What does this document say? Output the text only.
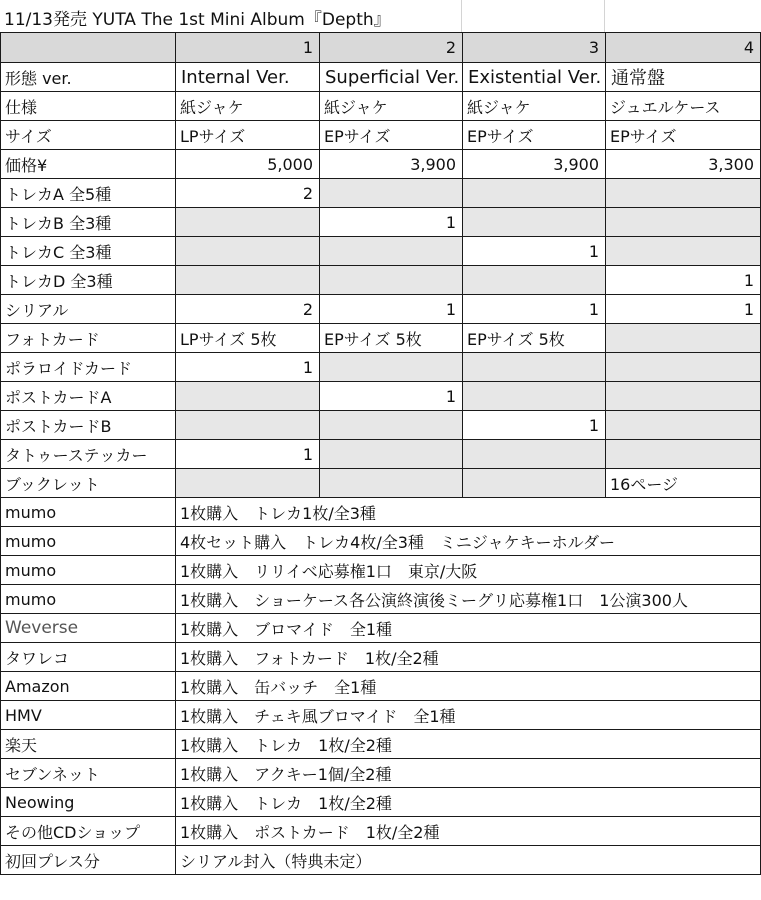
11/13発売 YUTA The 1st Mini Album『Depth』
	1	2	3	4
形態 ver.	Internal Ver.	Superficial Ver.	Existential Ver.	通常盤
仕様	紙ジャケ	紙ジャケ	紙ジャケ	ジュエルケース
サイズ	LPサイズ	EPサイズ	EPサイズ	EPサイズ
価格¥	5,000	3,900	3,900	3,300
トレカA 全5種	2			
トレカB 全3種		1		
トレカC 全3種			1	
トレカD 全3種				1
シリアル	2	1	1	1
フォトカード	LPサイズ 5枚	EPサイズ 5枚	EPサイズ 5枚	
ポラロイドカード	1			
ポストカードA		1		
ポストカードB			1	
タトゥーステッカー	1			
ブックレット				16ページ
mumo	1枚購入　トレカ1枚/全3種			
mumo	4枚セット購入　トレカ4枚/全3種　ミニジャケキーホルダー			
mumo	1枚購入　リリイベ応募権1口　東京/大阪			
mumo	1枚購入　ショーケース各公演終演後ミーグリ応募権1口　1公演300人			
Weverse	1枚購入　ブロマイド　全1種			
タワレコ	1枚購入　フォトカード　1枚/全2種			
Amazon	1枚購入　缶バッチ　全1種			
HMV	1枚購入　チェキ風ブロマイド　全1種			
楽天	1枚購入　トレカ　1枚/全2種			
セブンネット	1枚購入　アクキー1個/全2種			
Neowing	1枚購入　トレカ　1枚/全2種			
その他CDショップ	1枚購入　ポストカード　1枚/全2種			
初回プレス分	シリアル封入（特典未定）			
